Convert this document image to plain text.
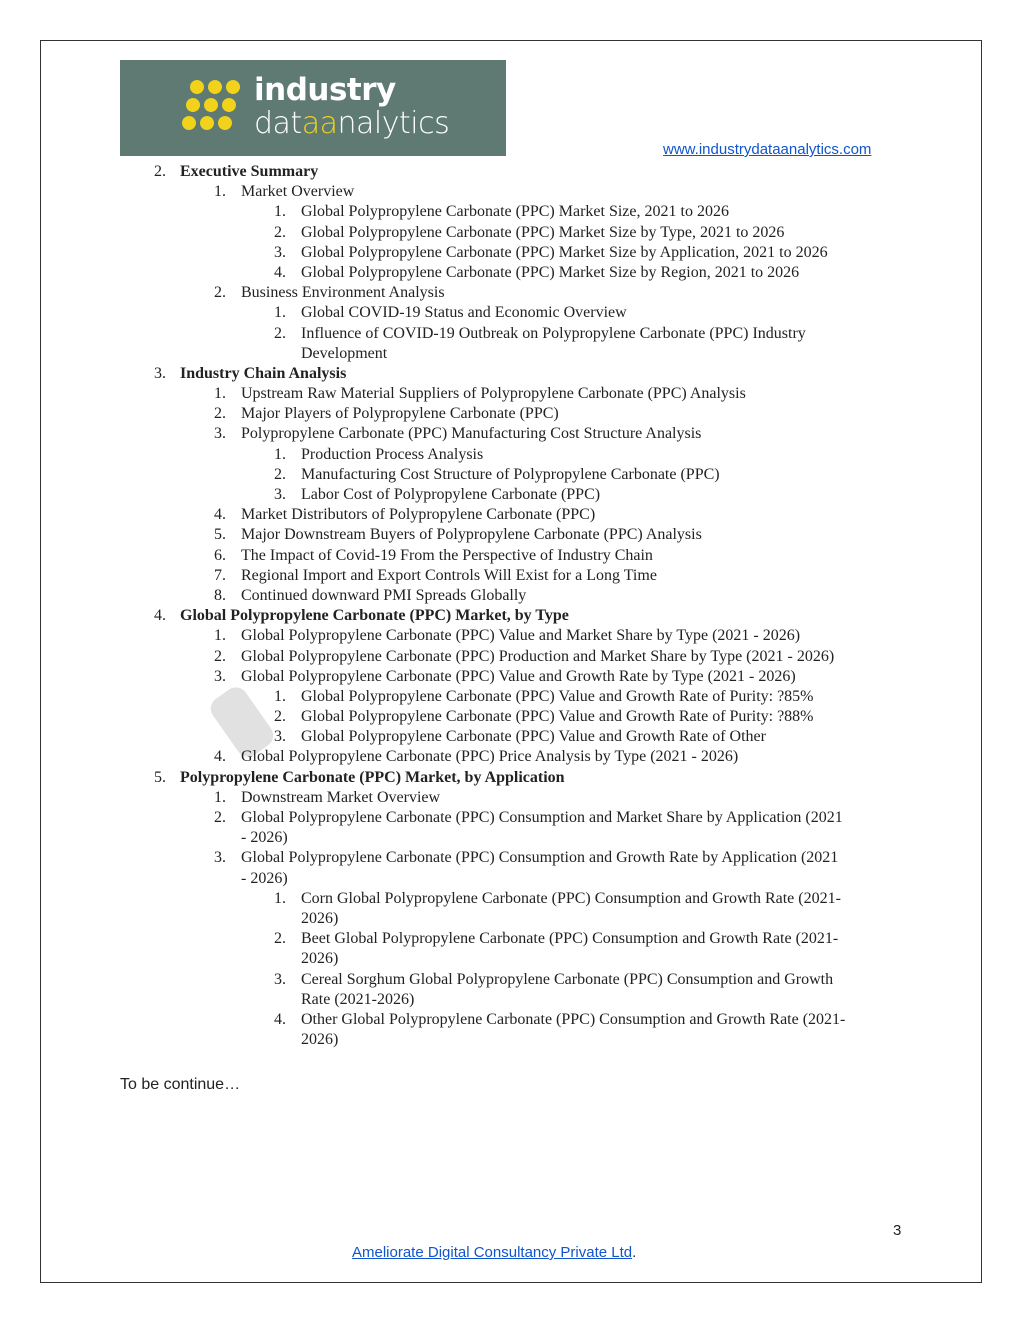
industry
dataanalytics
www.industrydataanalytics.com
2. Executive Summary
1. Market Overview
1. Global Polypropylene Carbonate (PPC) Market Size, 2021 to 2026
2. Global Polypropylene Carbonate (PPC) Market Size by Type, 2021 to 2026
3. Global Polypropylene Carbonate (PPC) Market Size by Application, 2021 to 2026
4. Global Polypropylene Carbonate (PPC) Market Size by Region, 2021 to 2026
2. Business Environment Analysis
1. Global COVID-19 Status and Economic Overview
2. Influence of COVID-19 Outbreak on Polypropylene Carbonate (PPC) Industry
Development
3. Industry Chain Analysis
1. Upstream Raw Material Suppliers of Polypropylene Carbonate (PPC) Analysis
2. Major Players of Polypropylene Carbonate (PPC)
3. Polypropylene Carbonate (PPC) Manufacturing Cost Structure Analysis
1. Production Process Analysis
2. Manufacturing Cost Structure of Polypropylene Carbonate (PPC)
3. Labor Cost of Polypropylene Carbonate (PPC)
4. Market Distributors of Polypropylene Carbonate (PPC)
5. Major Downstream Buyers of Polypropylene Carbonate (PPC) Analysis
6. The Impact of Covid-19 From the Perspective of Industry Chain
7. Regional Import and Export Controls Will Exist for a Long Time
8. Continued downward PMI Spreads Globally
4. Global Polypropylene Carbonate (PPC) Market, by Type
1. Global Polypropylene Carbonate (PPC) Value and Market Share by Type (2021 - 2026)
2. Global Polypropylene Carbonate (PPC) Production and Market Share by Type (2021 - 2026)
3. Global Polypropylene Carbonate (PPC) Value and Growth Rate by Type (2021 - 2026)
1. Global Polypropylene Carbonate (PPC) Value and Growth Rate of Purity: ?85%
2. Global Polypropylene Carbonate (PPC) Value and Growth Rate of Purity: ?88%
3. Global Polypropylene Carbonate (PPC) Value and Growth Rate of Other
4. Global Polypropylene Carbonate (PPC) Price Analysis by Type (2021 - 2026)
5. Polypropylene Carbonate (PPC) Market, by Application
1. Downstream Market Overview
2. Global Polypropylene Carbonate (PPC) Consumption and Market Share by Application (2021
- 2026)
3. Global Polypropylene Carbonate (PPC) Consumption and Growth Rate by Application (2021
- 2026)
1. Corn Global Polypropylene Carbonate (PPC) Consumption and Growth Rate (2021-
2026)
2. Beet Global Polypropylene Carbonate (PPC) Consumption and Growth Rate (2021-
2026)
3. Cereal Sorghum Global Polypropylene Carbonate (PPC) Consumption and Growth
Rate (2021-2026)
4. Other Global Polypropylene Carbonate (PPC) Consumption and Growth Rate (2021-
2026)
To be continue…
3
Ameliorate Digital Consultancy Private Ltd.
